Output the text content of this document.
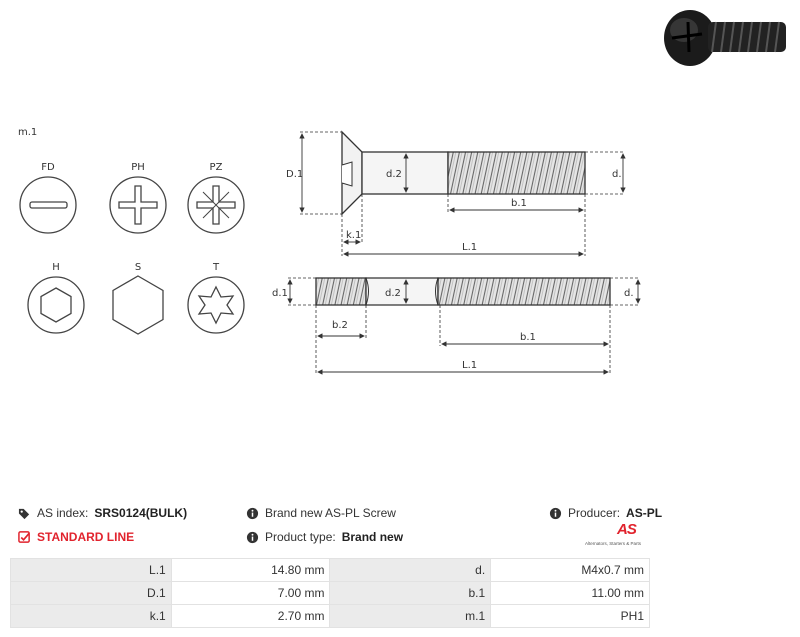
m.1
FD	PH	PZ
H	S	T
D.1	d.2	d.
k.1
b.1
L.1
d.1	d.2	d.
b.2
b.1
L.1
AS index: SRS0124(BULK)
STANDARD LINE
Brand new AS-PL Screw
Product type: Brand new
Producer: AS-PL
AS
Alternators, Starters & Parts
L.1	14.80 mm	d.	M4x0.7 mm
D.1	7.00 mm	b.1	11.00 mm
k.1	2.70 mm	m.1	PH1
